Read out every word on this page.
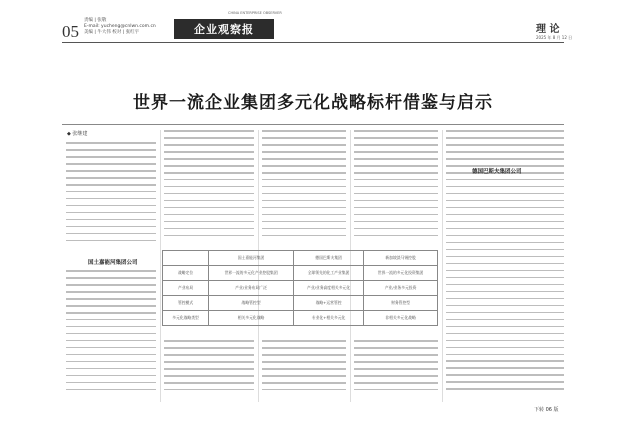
05
责编 | 张敬
E-mail: yucheng@cnlwn.com.cn
美编 | 牛大伟 校对 | 张红宇
CHINA ENTERPRISE OBSERVER
企业观察报	理 论
2025 年 8 月 12 日
世界一流企业集团多元化战略标杆借鉴与启示
◆ 张继建
国土嘉能河集团公司
德国巴斯夫集团公司
	国土嘉能河集团	德国巴斯夫集团	新加坡淡马锡控股
战略定位	世界一流的多元化产业控股集团	全球领先的化工产业集团	世界一流的多元化投资集团
产业布局	产业/业务布局广泛	产业/业务高度相关多元化	产业/业务多元投资
管控模式	战略管控型	战略+运营管控	财务管控型
多元化战略类型	相关多元化战略	专业化+相关多元化	非相关多元化战略
下转 06 版
